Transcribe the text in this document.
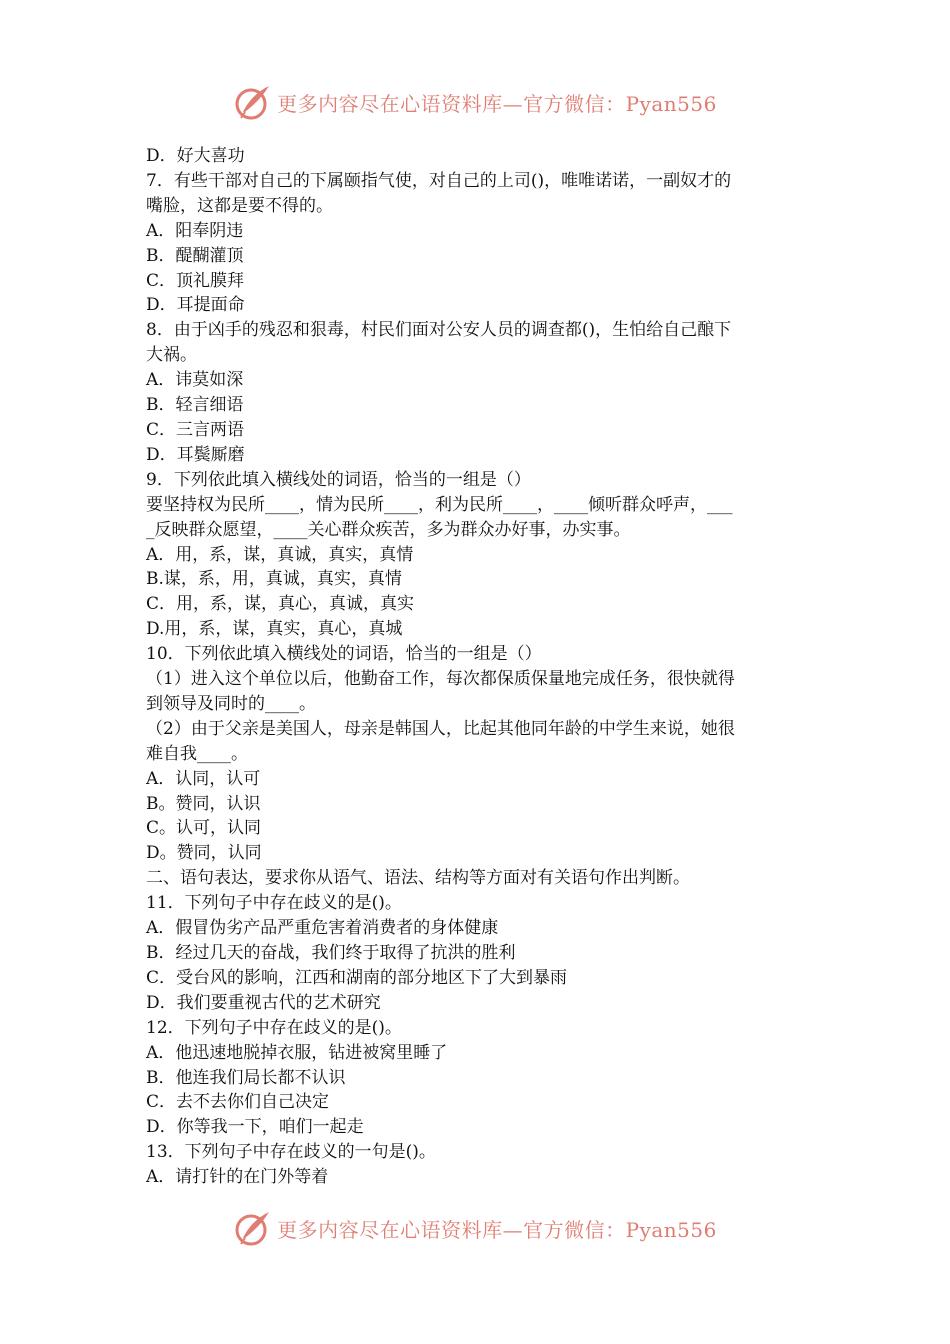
更多内容尽在心语资料库—官方微信：Pyan556

D．好大喜功

7．有些干部对自己的下属颐指气使，对自己的上司()，唯唯诺诺，一副奴才的

嘴脸，这都是要不得的。

A．阳奉阴违

B．醍醐灌顶

C．顶礼膜拜

D．耳提面命

8．由于凶手的残忍和狠毒，村民们面对公安人员的调查都()，生怕给自己酿下

大祸。

A．讳莫如深

B．轻言细语

C．三言两语

D．耳鬓厮磨

9．下列依此填入横线处的词语，恰当的一组是（）

要坚持权为民所____，情为民所____，利为民所____，____倾听群众呼声，___

_反映群众愿望，____关心群众疾苦，多为群众办好事，办实事。

A．用，系，谋，真诚，真实，真情

B.谋，系，用，真诚，真实，真情

C．用，系，谋，真心，真诚，真实

D.用，系，谋，真实，真心，真城

10．下列依此填入横线处的词语，恰当的一组是（）

（1）进入这个单位以后，他勤奋工作，每次都保质保量地完成任务，很快就得

到领导及同时的____。

（2）由于父亲是美国人，母亲是韩国人，比起其他同年龄的中学生来说，她很

难自我____。

A．认同，认可

B。赞同，认识

C。认可，认同

D。赞同，认同

二、语句表达，要求你从语气、语法、结构等方面对有关语句作出判断。

11．下列句子中存在歧义的是()。

A．假冒伪劣产品严重危害着消费者的身体健康

B．经过几天的奋战，我们终于取得了抗洪的胜利

C．受台风的影响，江西和湖南的部分地区下了大到暴雨

D．我们要重视古代的艺术研究

12．下列句子中存在歧义的是()。

A．他迅速地脱掉衣服，钻进被窝里睡了

B．他连我们局长都不认识

C．去不去你们自己决定

D．你等我一下，咱们一起走

13．下列句子中存在歧义的一句是()。

A．请打针的在门外等着

更多内容尽在心语资料库—官方微信：Pyan556
